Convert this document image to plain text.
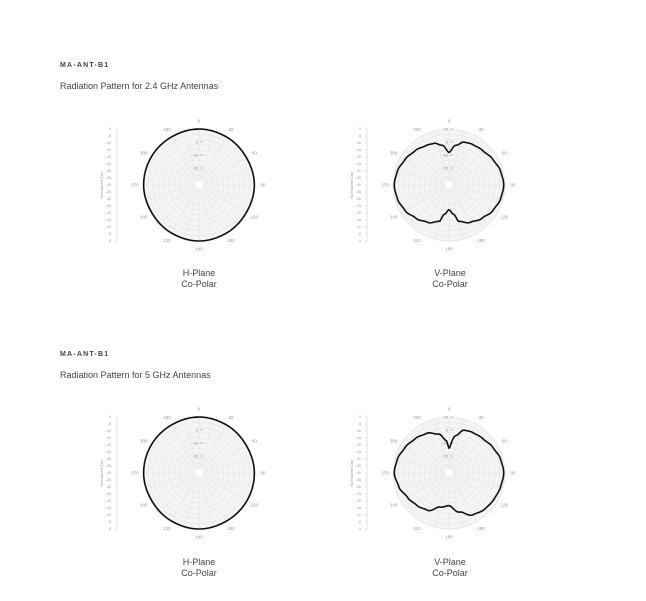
MA-ANT-B1
Radiation Pattern for 2.4 GHz Antennas
0
-5
-10
-15
-20
-25
-30
-35
-40
-35
-30
-25
-20
-15
-10
-5
0
Normalized Gain
0
30
60
90
120
150
180
210
240
270
300
330	10
0
-10
-20
0
-5
-10
-15
-20
-25
-30
-35
-40
-35
-30
-25
-20
-15
-10
-5
0
Normalized Gain
0
30
60
90
120
150
180
210
240
270
300
330	10
0
-10
-20
H-Plane
Co-Polar
V-Plane
Co-Polar
MA-ANT-B1
Radiation Pattern for 5 GHz Antennas
0
-5
-10
-15
-20
-25
-30
-35
-40
-35
-30
-25
-20
-15
-10
-5
0
Normalized Gain
0
30
60
90
120
150
180
210
240
270
300
330	10
0
-10
-20
0
-5
-10
-15
-20
-25
-30
-35
-40
-35
-30
-25
-20
-15
-10
-5
0
Normalized Gain
0
30
60
90
120
150
180
210
240
270
300
330	10
0
-10
-20
H-Plane
Co-Polar
V-Plane
Co-Polar
